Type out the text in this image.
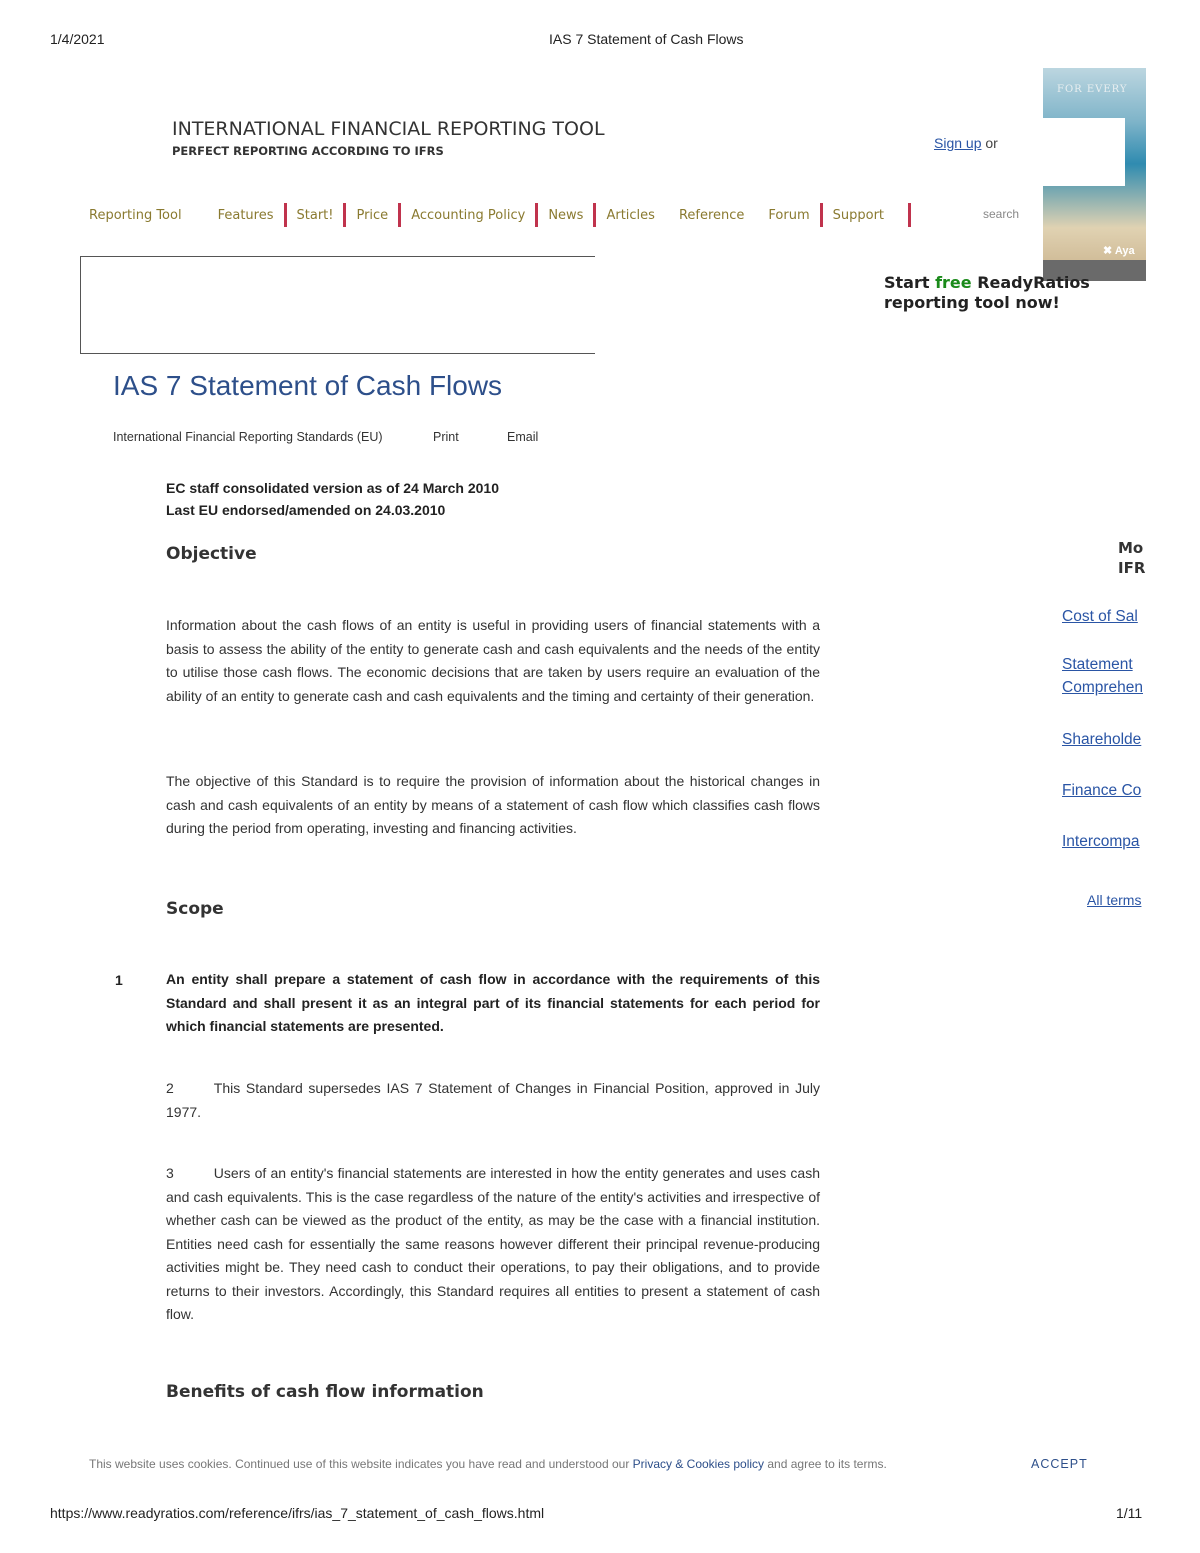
1/4/2021	IAS 7 Statement of Cash Flows
FOR EVERY
✖ Aya
INTERNATIONAL FINANCIAL REPORTING TOOL
PERFECT REPORTING ACCORDING TO IFRS	Sign up or
Reporting Tool	Features Start! Price Accounting Policy News Articles Reference Forum Support	search
Start free ReadyRatios
reporting tool now!
IAS 7 Statement of Cash Flows
International Financial Reporting Standards (EU)	Print	Email
EC staff consolidated version as of 24 March 2010
Last EU endorsed/amended on 24.03.2010
Objective
Information about the cash flows of an entity is useful in providing users of financial statements with a basis to assess the ability of the entity to generate cash and cash equivalents and the needs of the entity to utilise those cash flows. The economic decisions that are taken by users require an evaluation of the ability of an entity to generate cash and cash equivalents and the timing and certainty of their generation.
The objective of this Standard is to require the provision of information about the historical changes in cash and cash equivalents of an entity by means of a statement of cash flow which classifies cash flows during the period from operating, investing and financing activities.
Scope
1	An entity shall prepare a statement of cash flow in accordance with the requirements of this Standard and shall present it as an integral part of its financial statements for each period for which financial statements are presented.
2	This Standard supersedes IAS 7 Statement of Changes in Financial Position, approved in July 1977.
3	Users of an entity's financial statements are interested in how the entity generates and uses cash and cash equivalents. This is the case regardless of the nature of the entity's activities and irrespective of whether cash can be viewed as the product of the entity, as may be the case with a financial institution. Entities need cash for essentially the same reasons however different their principal revenue-producing activities might be. They need cash to conduct their operations, to pay their obligations, and to provide returns to their investors. Accordingly, this Standard requires all entities to present a statement of cash flow.
Benefits of cash flow information
Mo
IFR
Cost of Sal
Statement
Comprehen
Shareholde
Finance Co
Intercompa
All terms
This website uses cookies. Continued use of this website indicates you have read and understood our Privacy & Cookies policy and agree to its terms.	ACCEPT
https://www.readyratios.com/reference/ifrs/ias_7_statement_of_cash_flows.html	1/11
